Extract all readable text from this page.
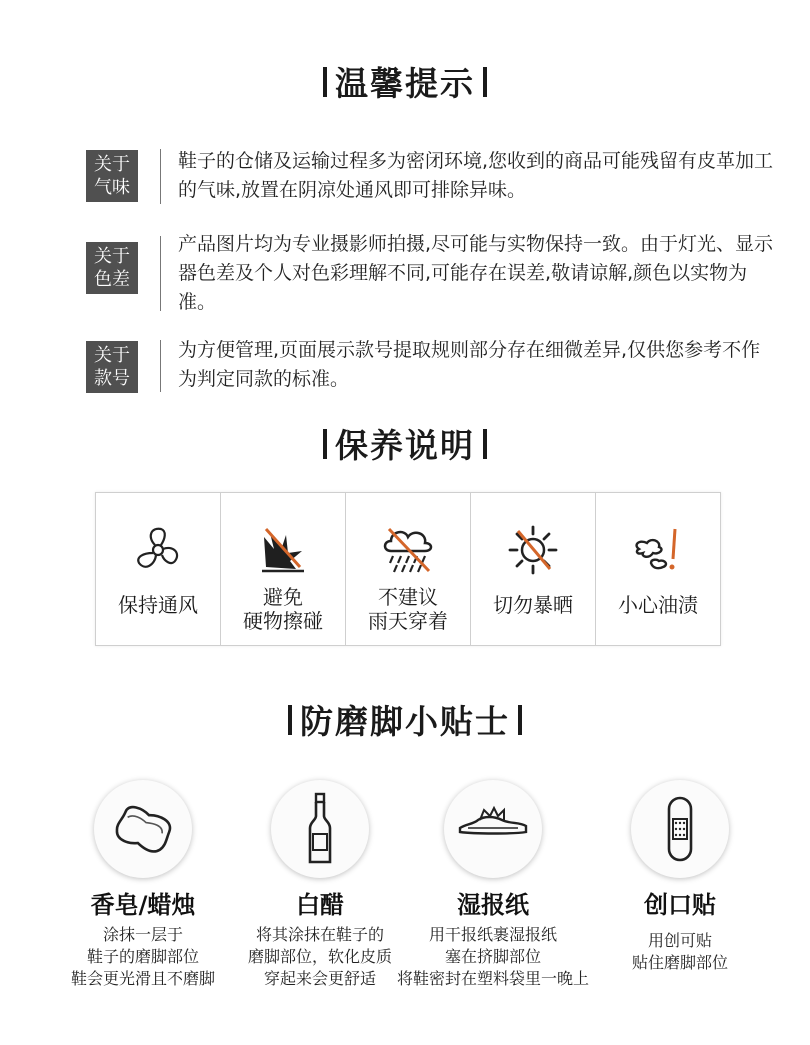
温馨提示
关于
气味
鞋子的仓储及运输过程多为密闭环境,您收到的商品可能残留有皮革加工的气味,放置在阴凉处通风即可排除异味。
关于
色差
产品图片均为专业摄影师拍摄,尽可能与实物保持一致。由于灯光、显示器色差及个人对色彩理解不同,可能存在误差,敬请谅解,颜色以实物为准。
关于
款号
为方便管理,页面展示款号提取规则部分存在细微差异,仅供您参考不作为判定同款的标准。
保养说明
保持通风	避免
硬物擦碰
不建议
雨天穿着
切勿暴晒	小心油渍
防磨脚小贴士
香皂/蜡烛
涂抹一层于
鞋子的磨脚部位
鞋会更光滑且不磨脚
白醋
将其涂抹在鞋子的
磨脚部位，软化皮质
穿起来会更舒适
湿报纸
用干报纸裹湿报纸
塞在挤脚部位
将鞋密封在塑料袋里一晚上
创口贴
用创可贴
贴住磨脚部位
